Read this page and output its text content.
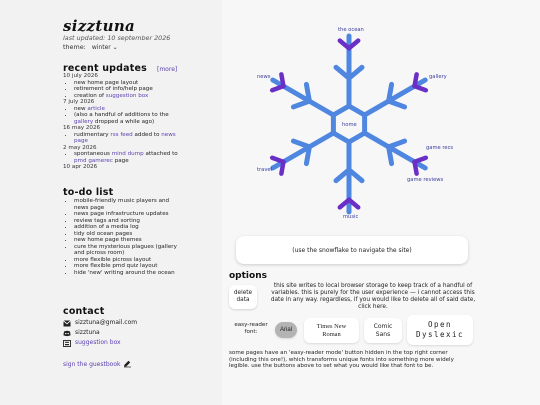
sizztuna
last updated: 10 september 2026
theme: winter ⌄
recent updates [more]
10 july 2026
• new home page layout
• retirement of info/help page
• creation of suggestion box
7 july 2026
• new article
• (also a handful of additions to the gallery dropped a while ago)
16 may 2026
• rudimentary rss feed added to news page
2 may 2026
• spontaneous mind dump attached to pmd gamerec page
10 apr 2026
to-do list
• mobile-friendly music players and news page
• news page infrastructure updates
• review tags and sorting
• addition of a media log
• tidy old ocean pages
• new home page themes
• cure the mysterious plagues (gallery and picross room)
• more flexible picross layout
• more flexible pmd quiz layout
• hide 'new' writing around the ocean
contact
sizztuna@gmail.com
sizztuna
suggestion box
sign the guestbook
the ocean
news	gallery
home
game recs
game reviews
travel
music
(use the snowflake to navigate the site)
options
delete data
this site writes to local browser storage to keep track of a handful of variables. this is purely for the user experience — i cannot access this date in any way. regardless, if you would like to delete all of said date, click here.
easy-reader font:	Arial	Times New
Roman
Comic
Sans
Open
Dyslexic
some pages have an 'easy-reader mode' button hidden in the top right corner (including this one!), which transforms unique fonts into something more widely legible. use the buttons above to set what you would like that font to be.
